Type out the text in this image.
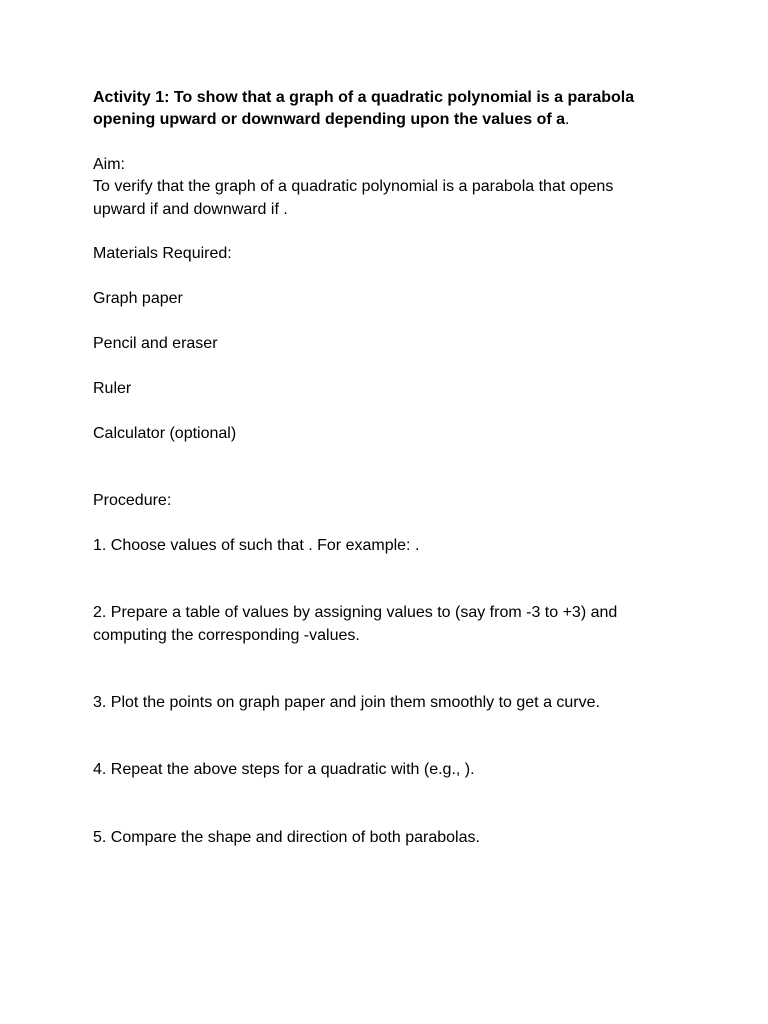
Activity 1: To show that a graph of a quadratic polynomial is a parabola
opening upward or downward depending upon the values of a.
Aim:
To verify that the graph of a quadratic polynomial is a parabola that opens
upward if and downward if .
Materials Required:
Graph paper
Pencil and eraser
Ruler
Calculator (optional)
Procedure:
1. Choose values of such that . For example: .
2. Prepare a table of values by assigning values to (say from -3 to +3) and
computing the corresponding -values.
3. Plot the points on graph paper and join them smoothly to get a curve.
4. Repeat the above steps for a quadratic with (e.g., ).
5. Compare the shape and direction of both parabolas.
